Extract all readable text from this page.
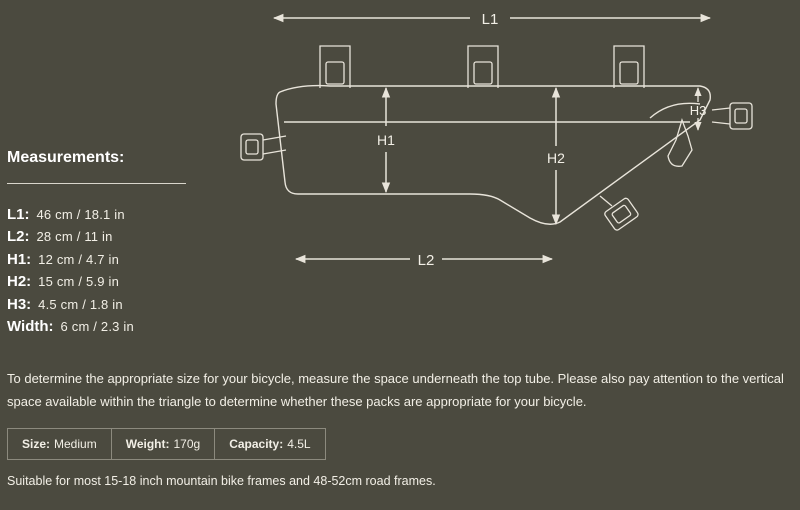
L1
H1
H2
H3
L2
Measurements:
L1: 46 cm / 18.1 in
L2: 28 cm / 11 in
H1: 12 cm / 4.7 in
H2: 15 cm / 5.9 in
H3: 4.5 cm / 1.8 in
Width: 6 cm / 2.3 in
To determine the appropriate size for your bicycle, measure the space underneath the top tube. Please also pay attention to the vertical space available within the triangle to determine whether these packs are appropriate for your bicycle.
Size: Medium Weight: 170g Capacity: 4.5L
Suitable for most 15-18 inch mountain bike frames and 48-52cm road frames.
